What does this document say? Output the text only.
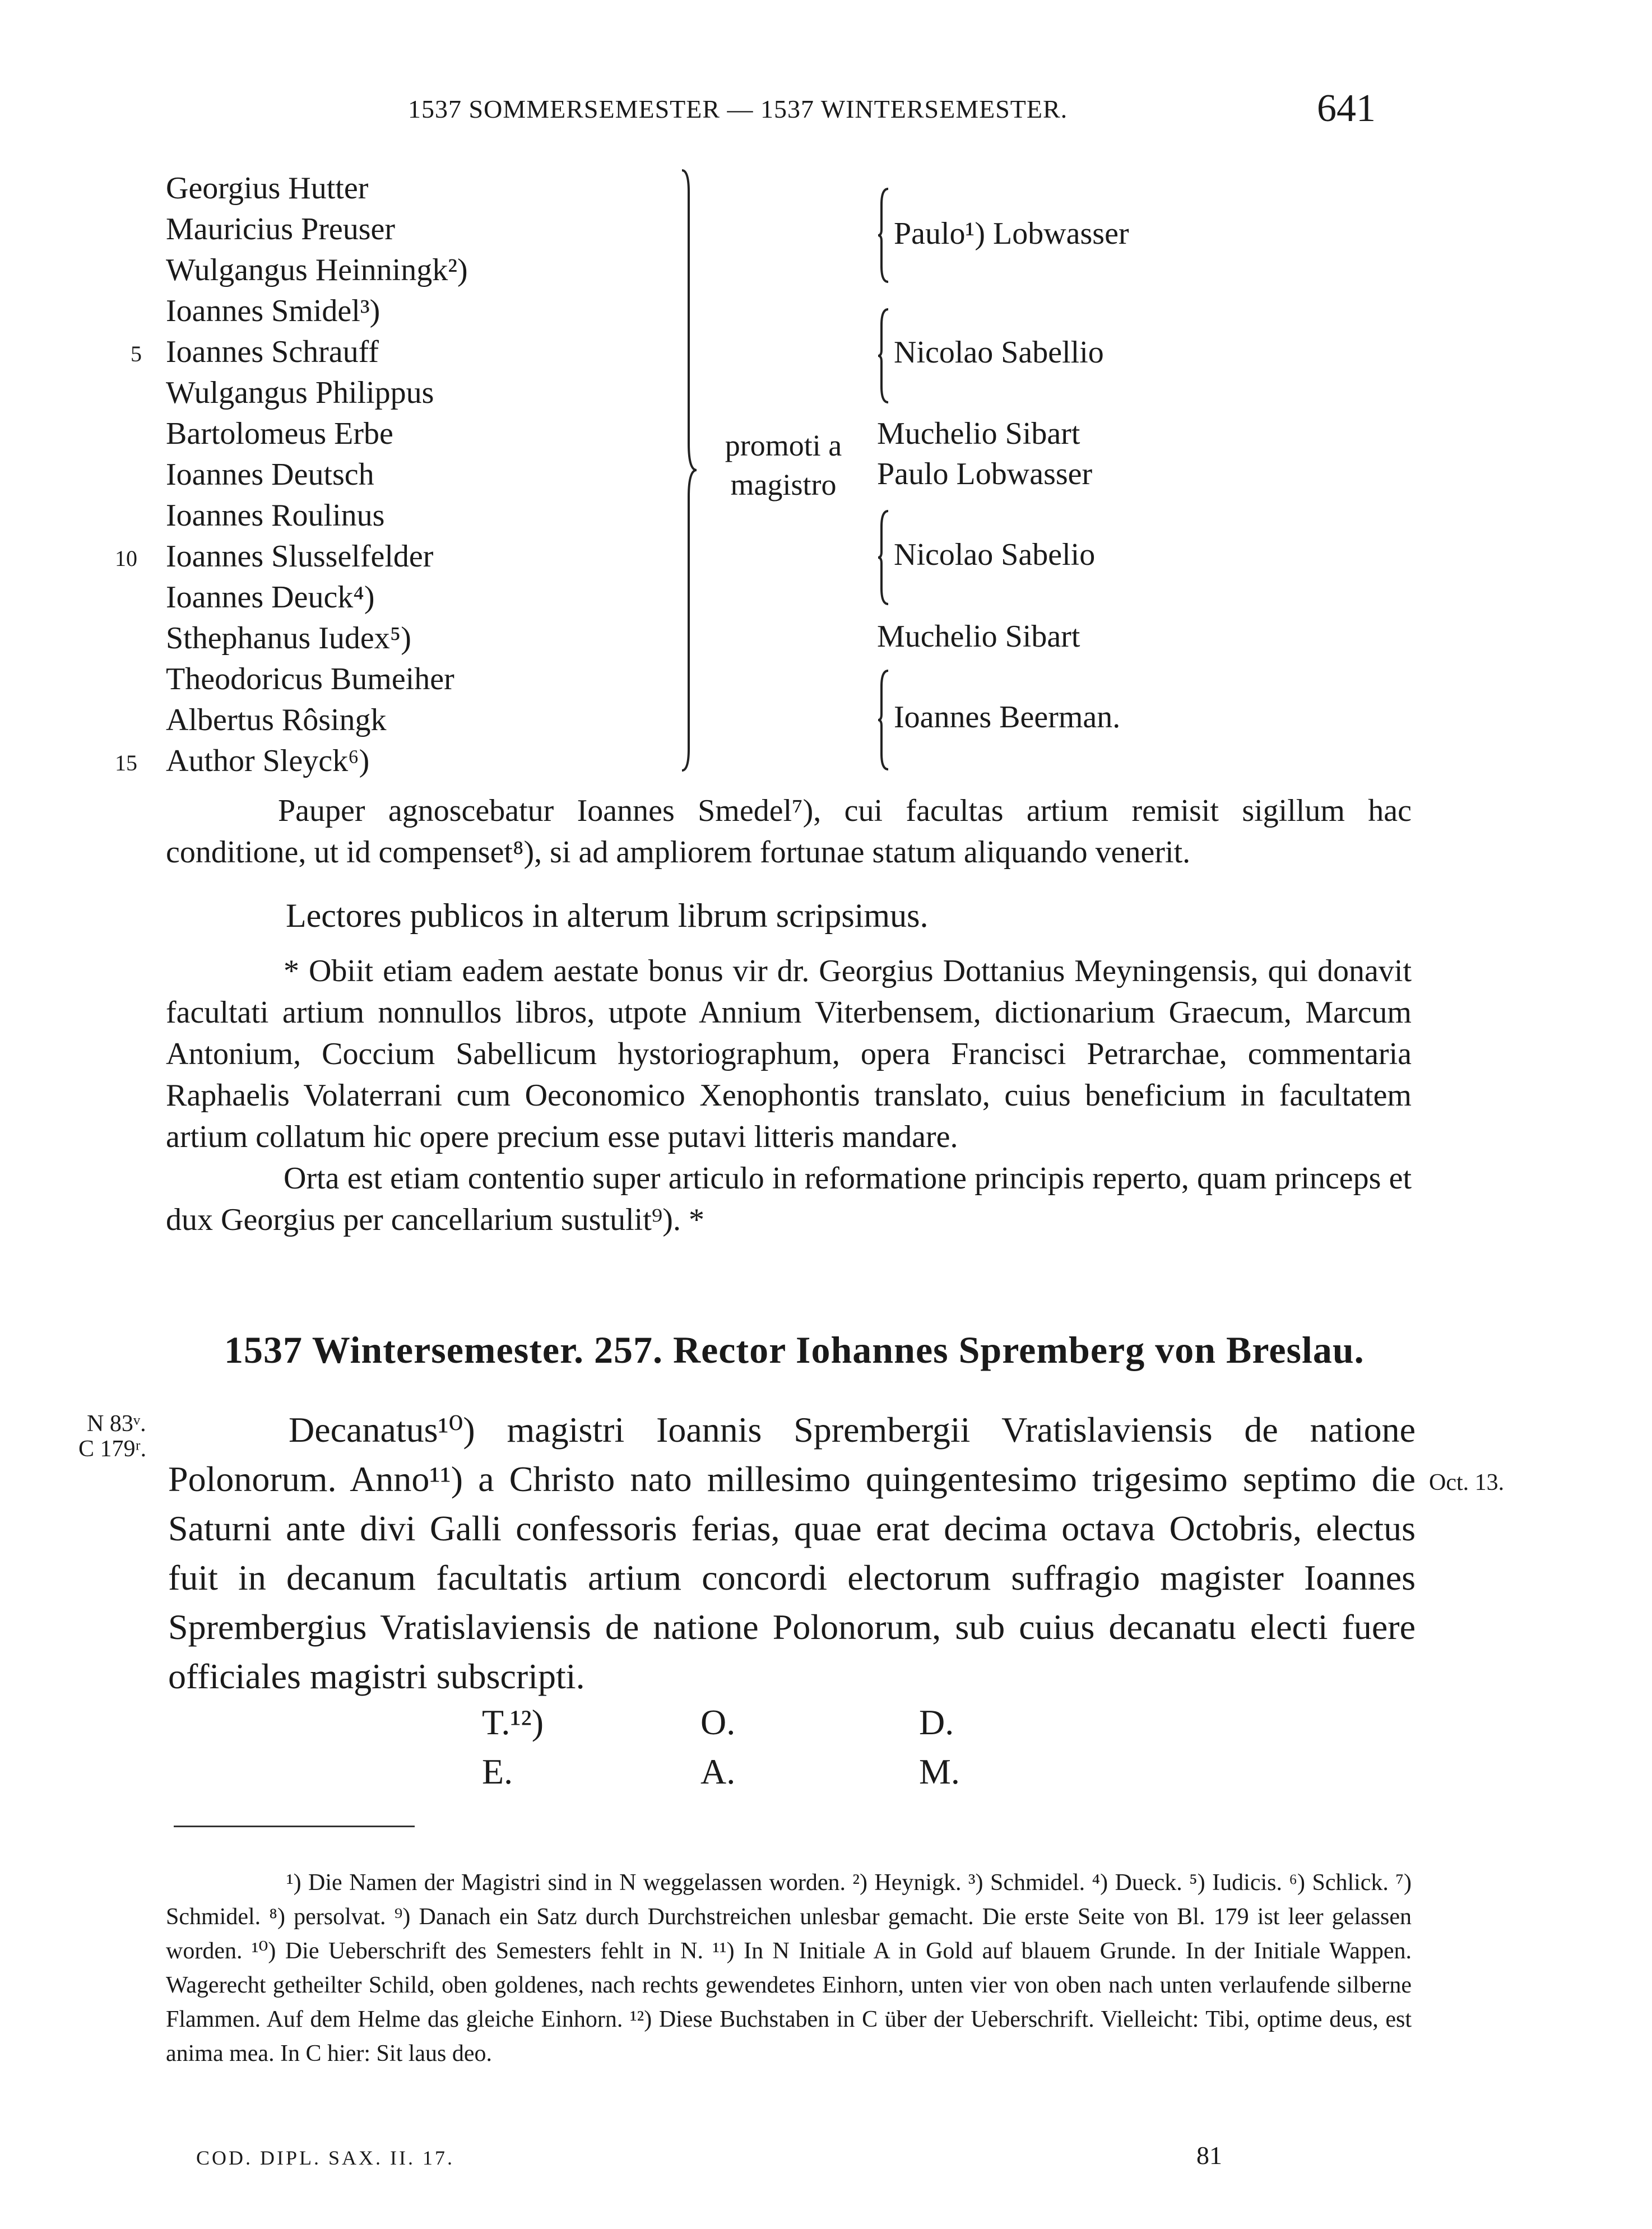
1537 SOMMERSEMESTER — 1537 WINTERSEMESTER.	641
Georgius Hutter
Mauricius Preuser
Wulgangus Heinningk²)
Ioannes Smidel³)
Ioannes Schrauff
Wulgangus Philippus
Bartolomeus Erbe
Ioannes Deutsch
Ioannes Roulinus
Ioannes Slusselfelder
Ioannes Deuck⁴)
Sthephanus Iudex⁵)
Theodoricus Bumeiher
Albertus Rôsingk
Author Sleyck⁶)
5
10
15
promoti a magistro
Paulo¹) Lobwasser
Nicolao Sabellio
Muchelio Sibart
Paulo Lobwasser
Nicolao Sabelio
Muchelio Sibart
Ioannes Beerman.

Pauper agnoscebatur Ioannes Smedel⁷), cui facultas artium remisit sigillum hac conditione, ut id compenset⁸), si ad ampliorem fortunae statum aliquando venerit.

Lectores publicos in alterum librum scripsimus.

* Obiit etiam eadem aestate bonus vir dr. Georgius Dottanius Meyningensis, qui donavit facultati artium nonnullos libros, utpote Annium Viterbensem, dictionarium Graecum, Marcum Antonium, Coccium Sabellicum hystoriographum, opera Francisci Petrarchae, commentaria Raphaelis Volaterrani cum Oeconomico Xenophontis translato, cuius beneficium in facultatem artium collatum hic opere precium esse putavi litteris mandare.

Orta est etiam contentio super articulo in reformatione principis reperto, quam princeps et dux Georgius per cancellarium sustulit⁹). *

1537 Wintersemester. 257. Rector Iohannes Spremberg von Breslau.
N 83ᵛ.
C 179ʳ.
Oct. 13.

Decanatus¹⁰) magistri Ioannis Sprembergii Vratislaviensis de natione Polonorum. Anno¹¹) a Christo nato millesimo quingentesimo trigesimo septimo die Saturni ante divi Galli confessoris ferias, quae erat decima octava Octobris, electus fuit in decanum facultatis artium concordi electorum suffragio magister Ioannes Sprembergius Vratislaviensis de natione Polonorum, sub cuius decanatu electi fuere officiales magistri subscripti.

T.¹²)	O.	D.
E.	A.	M.

¹) Die Namen der Magistri sind in N weggelassen worden. ²) Heynigk. ³) Schmidel. ⁴) Dueck. ⁵) Iudicis. ⁶) Schlick. ⁷) Schmidel. ⁸) persolvat. ⁹) Danach ein Satz durch Durchstreichen unlesbar gemacht. Die erste Seite von Bl. 179 ist leer gelassen worden. ¹⁰) Die Ueberschrift des Semesters fehlt in N. ¹¹) In N Initiale A in Gold auf blauem Grunde. In der Initiale Wappen. Wagerecht getheilter Schild, oben goldenes, nach rechts gewendetes Einhorn, unten vier von oben nach unten verlaufende silberne Flammen. Auf dem Helme das gleiche Einhorn. ¹²) Diese Buchstaben in C über der Ueberschrift. Vielleicht: Tibi, optime deus, est anima mea. In C hier: Sit laus deo.

COD. DIPL. SAX. II. 17.	81
